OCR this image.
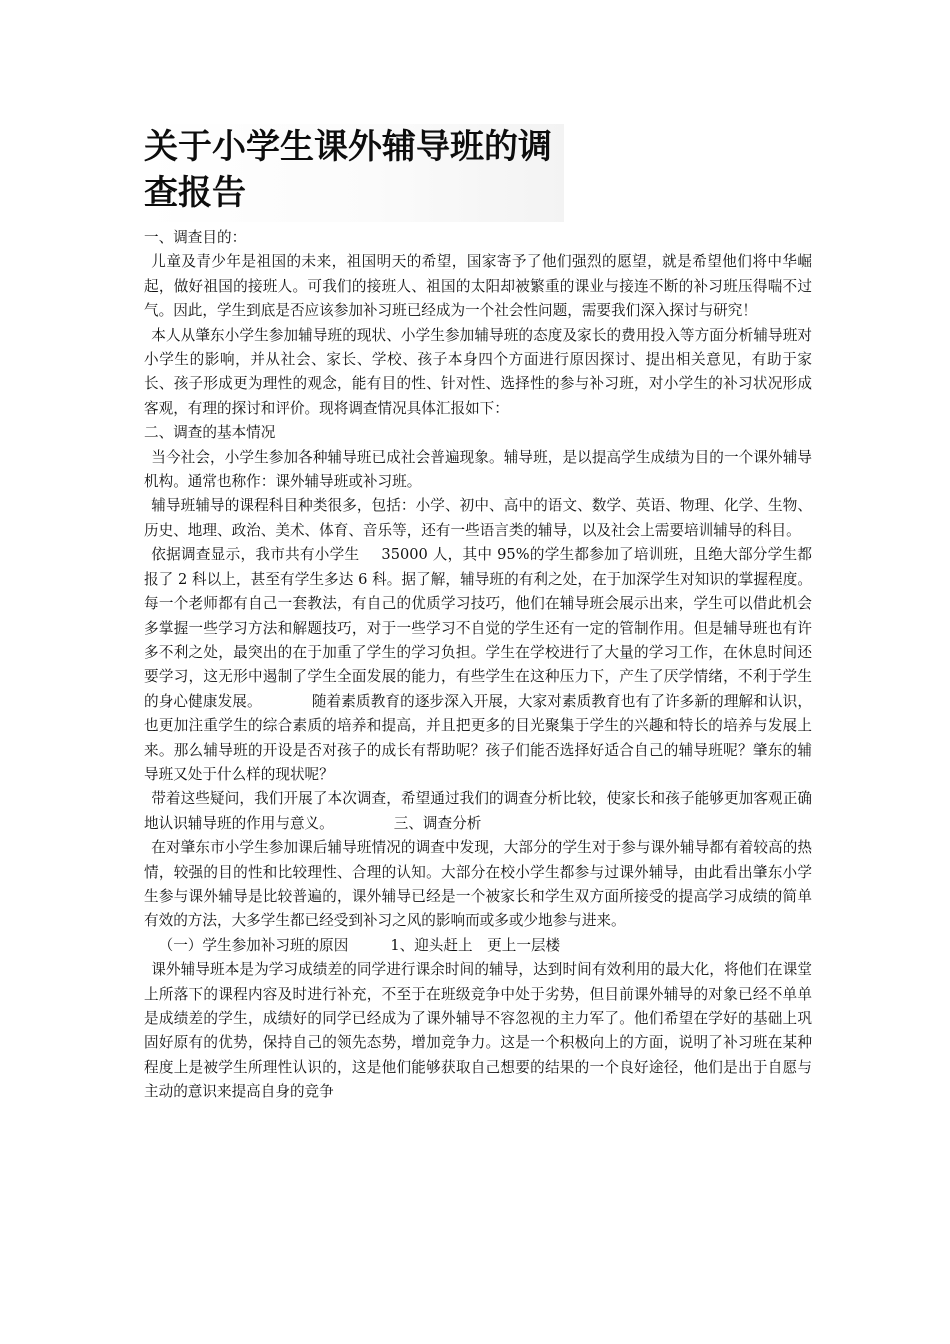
关于小学生课外辅导班的调
查报告

一、调查目的：

儿童及青少年是祖国的未来，祖国明天的希望，国家寄予了他们强烈的愿望，就是希望他们将中华崛起，做好祖国的接班人。可我们的接班人、祖国的太阳却被繁重的课业与接连不断的补习班压得喘不过气。因此，学生到底是否应该参加补习班已经成为一个社会性问题，需要我们深入探讨与研究！

本人从肇东小学生参加辅导班的现状、小学生参加辅导班的态度及家长的费用投入等方面分析辅导班对小学生的影响，并从社会、家长、学校、孩子本身四个方面进行原因探讨、提出相关意见，有助于家长、孩子形成更为理性的观念，能有目的性、针对性、选择性的参与补习班，对小学生的补习状况形成客观，有理的探讨和评价。现将调查情况具体汇报如下：

二、调查的基本情况

当今社会，小学生参加各种辅导班已成社会普遍现象。辅导班，是以提高学生成绩为目的一个课外辅导机构。通常也称作：课外辅导班或补习班。

辅导班辅导的课程科目种类很多，包括：小学、初中、高中的语文、数学、英语、物理、化学、生物、历史、地理、政治、美术、体育、音乐等，还有一些语言类的辅导，以及社会上需要培训辅导的科目。

依据调查显示，我市共有小学生 35000 人，其中 95%的学生都参加了培训班，且绝大部分学生都报了 2 科以上，甚至有学生多达 6 科。据了解，辅导班的有利之处，在于加深学生对知识的掌握程度。每一个老师都有自己一套教法，有自己的优质学习技巧，他们在辅导班会展示出来，学生可以借此机会多掌握一些学习方法和解题技巧，对于一些学习不自觉的学生还有一定的管制作用。但是辅导班也有许多不利之处，最突出的在于加重了学生的学习负担。学生在学校进行了大量的学习工作，在休息时间还要学习，这无形中遏制了学生全面发展的能力，有些学生在这种压力下，产生了厌学情绪，不利于学生的身心健康发展。	随着素质教育的逐步深入开展，大家对素质教育也有了许多新的理解和认识，也更加注重学生的综合素质的培养和提高，并且把更多的目光聚集于学生的兴趣和特长的培养与发展上来。那么辅导班的开设是否对孩子的成长有帮助呢？孩子们能否选择好适合自己的辅导班呢？肇东的辅导班又处于什么样的现状呢？

带着这些疑问，我们开展了本次调查，希望通过我们的调查分析比较，使家长和孩子能够更加客观正确地认识辅导班的作用与意义。	三、调查分析

在对肇东市小学生参加课后辅导班情况的调查中发现，大部分的学生对于参与课外辅导都有着较高的热情，较强的目的性和比较理性、合理的认知。大部分在校小学生都参与过课外辅导，由此看出肇东小学生参与课外辅导是比较普遍的，课外辅导已经是一个被家长和学生双方面所接受的提高学习成绩的简单有效的方法，大多学生都已经受到补习之风的影响而或多或少地参与进来。

（一）学生参加补习班的原因	1、迎头赶上　更上一层楼

课外辅导班本是为学习成绩差的同学进行课余时间的辅导，达到时间有效利用的最大化，将他们在课堂上所落下的课程内容及时进行补充，不至于在班级竞争中处于劣势，但目前课外辅导的对象已经不单单是成绩差的学生，成绩好的同学已经成为了课外辅导不容忽视的主力军了。他们希望在学好的基础上巩固好原有的优势，保持自己的领先态势，增加竞争力。这是一个积极向上的方面，说明了补习班在某种程度上是被学生所理性认识的，这是他们能够获取自己想要的结果的一个良好途径，他们是出于自愿与主动的意识来提高自身的竞争
